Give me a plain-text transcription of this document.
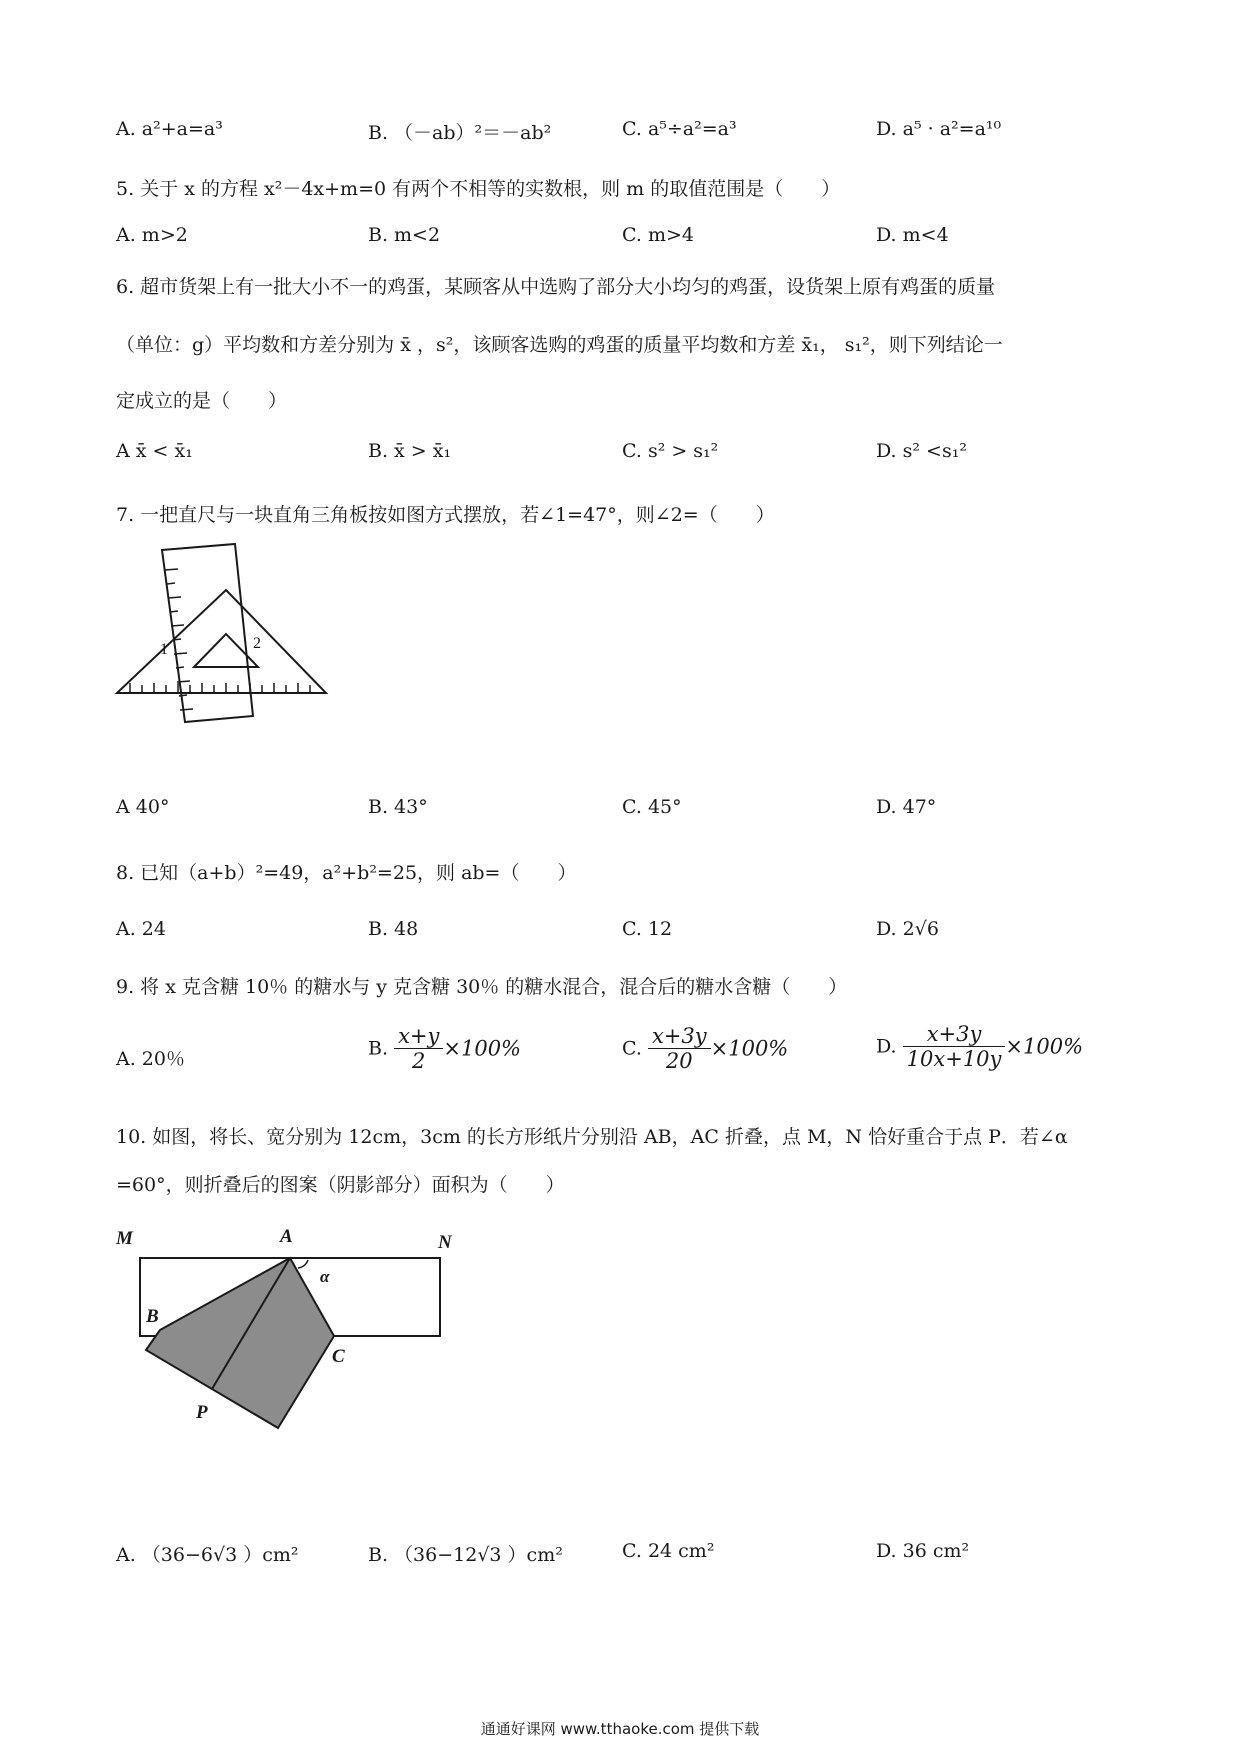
A. a²+a=a³	B. （－ab）²＝－ab²	C. a⁵÷a²=a³	D. a⁵ · a²=a¹⁰
5. 关于 x 的方程 x²－4x+m=0 有两个不相等的实数根，则 m 的取值范围是（　　）
A. m>2	B. m<2	C. m>4	D. m<4
6. 超市货架上有一批大小不一的鸡蛋，某顾客从中选购了部分大小均匀的鸡蛋，设货架上原有鸡蛋的质量
（单位：g）平均数和方差分别为 x̄ ，s²，该顾客选购的鸡蛋的质量平均数和方差 x̄₁， s₁²，则下列结论一
定成立的是（　　）
A x̄ < x̄₁	B. x̄ > x̄₁	C. s² > s₁²	D. s² <s₁²
7. 一把直尺与一块直角三角板按如图方式摆放，若∠1=47°，则∠2=（　　）
1	2
A 40°	B. 43°	C. 45°	D. 47°
8. 已知（a+b）²=49，a²+b²=25，则 ab=（　　）
A. 24	B. 48	C. 12	D. 2√6
9. 将 x 克含糖 10％ 的糖水与 y 克含糖 30％ 的糖水混合，混合后的糖水含糖（　　）
A. 20％	B. $\frac{x+y}{2} \times 100\%$	C. $\frac{x+3y}{20} \times 100\%$	D. $\frac{x+3y}{10x+10y} \times 100\%$
10. 如图，将长、宽分别为 12cm，3cm 的长方形纸片分别沿 AB，AC 折叠，点 M，N 恰好重合于点 P．若∠α
=60°，则折叠后的图案（阴影部分）面积为（　　）
M	A	N
B
C
P
α
A. （36−6√3 ）cm²	B. （36−12√3 ）cm²	C. 24 cm²	D. 36 cm²
通通好课网 www.tthaoke.com 提供下载
